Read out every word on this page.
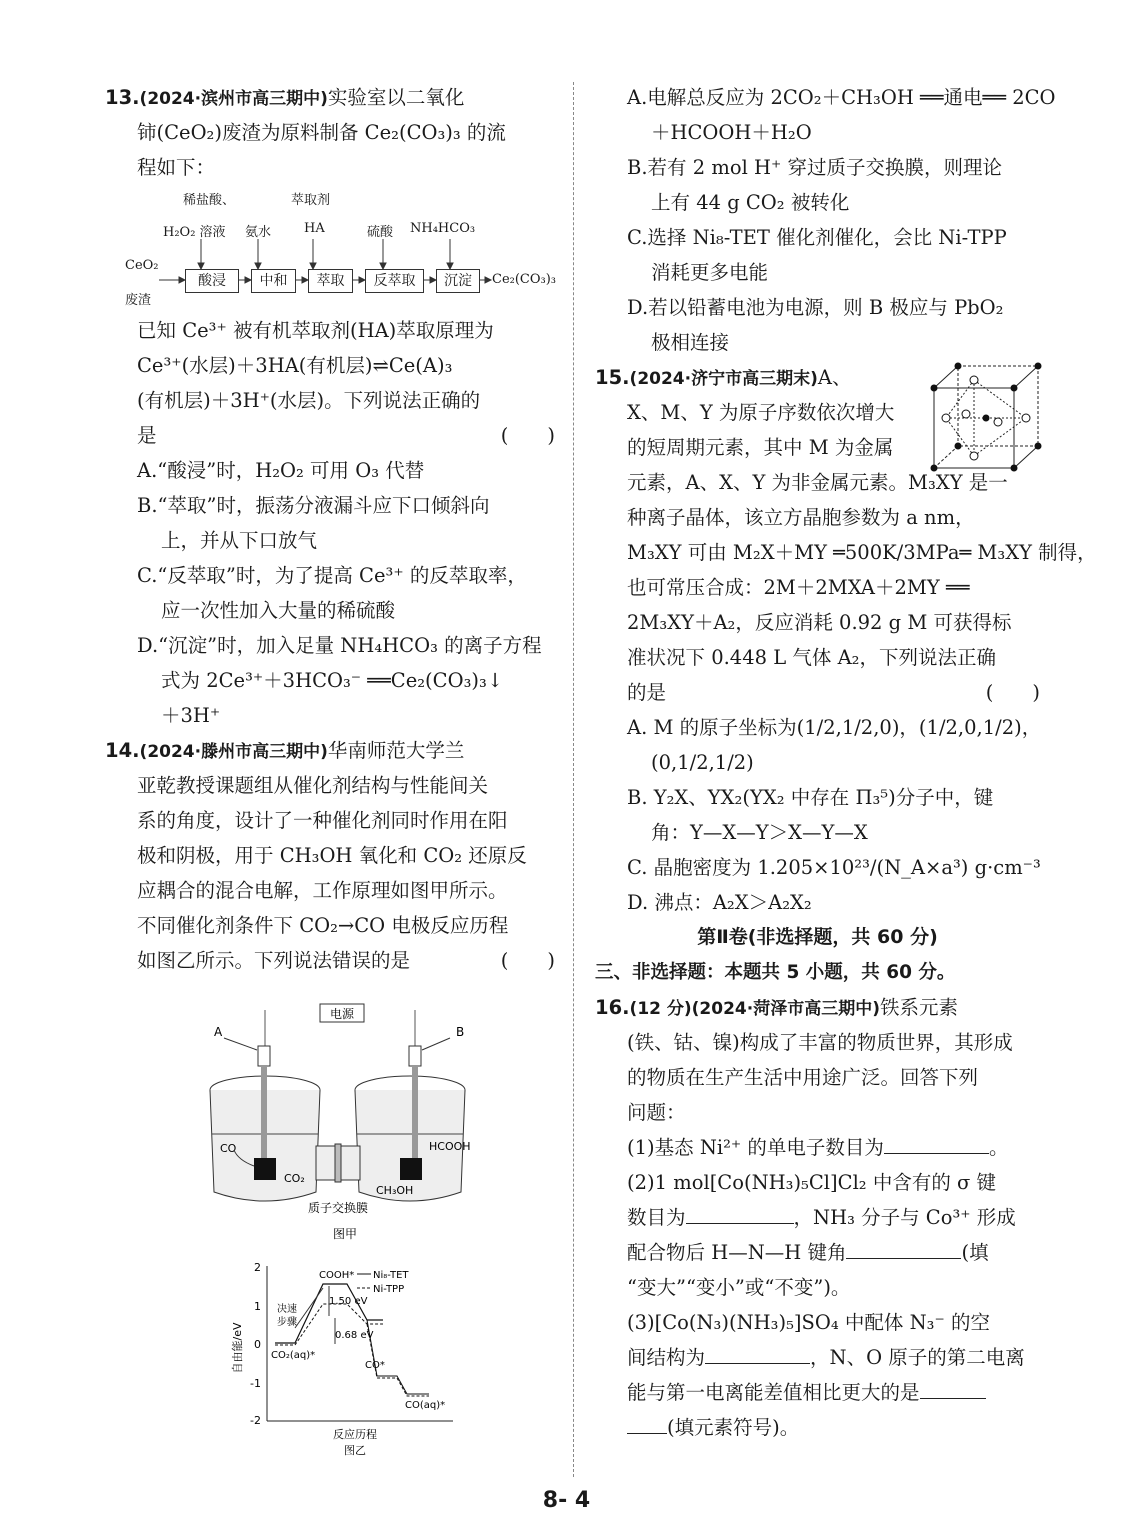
13.(2024·滨州市高三期中)实验室以二氧化
铈(CeO₂)废渣为原料制备 Ce₂(CO₃)₃ 的流
程如下：
稀盐酸、
H₂O₂ 溶液 氨水
萃取剂
HA	硫酸 NH₄HCO₃
CeO₂
废渣
酸浸	中和	萃取	反萃取	沉淀	Ce₂(CO₃)₃
已知 Ce³⁺ 被有机萃取剂(HA)萃取原理为
Ce³⁺(水层)＋3HA(有机层)⇌Ce(A)₃
(有机层)＋3H⁺(水层)。下列说法正确的
是	(　　)
A.“酸浸”时，H₂O₂ 可用 O₃ 代替
B.“萃取”时，振荡分液漏斗应下口倾斜向
上，并从下口放气
C.“反萃取”时，为了提高 Ce³⁺ 的反萃取率，
应一次性加入大量的稀硫酸
D.“沉淀”时，加入足量 NH₄HCO₃ 的离子方程
式为 2Ce³⁺＋3HCO₃⁻ ══Ce₂(CO₃)₃↓
＋3H⁺
14.(2024·滕州市高三期中)华南师范大学兰
亚乾教授课题组从催化剂结构与性能间关
系的角度，设计了一种催化剂同时作用在阳
极和阴极，用于 CH₃OH 氧化和 CO₂ 还原反
应耦合的混合电解，工作原理如图甲所示。
不同催化剂条件下 CO₂→CO 电极反应历程
如图乙所示。下列说法错误的是	(　　)
电源
A
CO
CO₂
B
HCOOH
CH₃OH
质子交换膜
图甲
2
1
0
-1
-2
自由能/eV
Ni₈-TET
Ni-TPP
COOH*
1.50 eV
0.68 eV
决速
步骤
CO₂(aq)*
CO*
CO(aq)*
反应历程
图乙
A.电解总反应为 2CO₂＋CH₃OH ══通电══ 2CO
＋HCOOH＋H₂O
B.若有 2 mol H⁺ 穿过质子交换膜，则理论
上有 44 g CO₂ 被转化
C.选择 Ni₈-TET 催化剂催化，会比 Ni-TPP
消耗更多电能
D.若以铅蓄电池为电源，则 B 极应与 PbO₂
极相连接
15.(2024·济宁市高三期末)A、
X、M、Y 为原子序数依次增大
的短周期元素，其中 M 为金属
元素，A、X、Y 为非金属元素。M₃XY 是一
种离子晶体，该立方晶胞参数为 a nm，
M₃XY 可由 M₂X＋MY ═500K/3MPa═ M₃XY 制得，
也可常压合成：2M＋2MXA＋2MY ══
2M₃XY＋A₂，反应消耗 0.92 g M 可获得标
准状况下 0.448 L 气体 A₂，下列说法正确
的是	(　　)
A. M 的原子坐标为(1/2,1/2,0)，(1/2,0,1/2)，
(0,1/2,1/2)
B. Y₂X、YX₂(YX₂ 中存在 Π₃⁵)分子中，键
角：Y—X—Y＞X—Y—X
C. 晶胞密度为 1.205×10²³/(N_A×a³) g·cm⁻³
D. 沸点：A₂X＞A₂X₂
第Ⅱ卷(非选择题，共 60 分)
三、非选择题：本题共 5 小题，共 60 分。
16.(12 分)(2024·菏泽市高三期中)铁系元素
(铁、钴、镍)构成了丰富的物质世界，其形成
的物质在生产生活中用途广泛。回答下列
问题：
(1)基态 Ni²⁺ 的单电子数目为	。
(2)1 mol[Co(NH₃)₅Cl]Cl₂ 中含有的 σ 键
数目为	，NH₃ 分子与 Co³⁺ 形成
配合物后 H—N—H 键角	(填
“变大”“变小”或“不变”)。
(3)[Co(N₃)(NH₃)₅]SO₄ 中配体 N₃⁻ 的空
间结构为	，N、O 原子的第二电离
能与第一电离能差值相比更大的是
(填元素符号)。
8- 4
